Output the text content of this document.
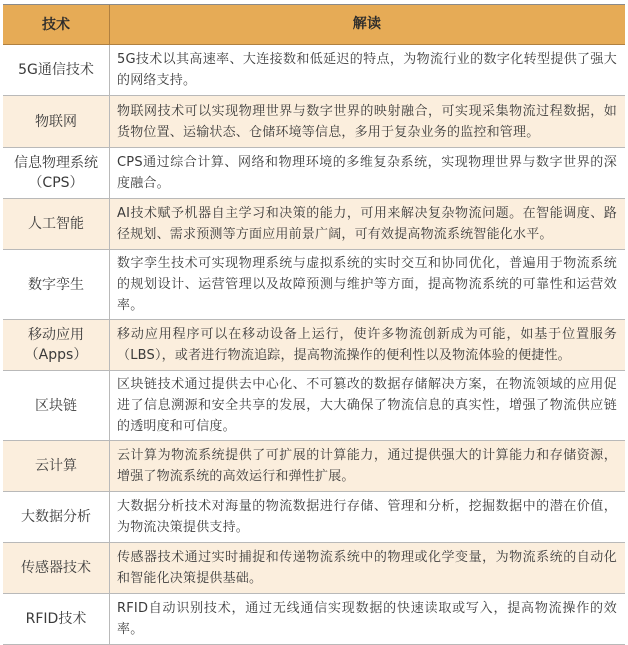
技术	解读
5G通信技术
5G技术以其高速率、大连接数和低延迟的特点，为物流行业的数字化转型提供了强大的网络支持。
物联网
物联网技术可以实现物理世界与数字世界的映射融合，可实现采集物流过程数据，如货物位置、运输状态、仓储环境等信息，多用于复杂业务的监控和管理。
信息物理系统（CPS）
CPS通过综合计算、网络和物理环境的多维复杂系统，实现物理世界与数字世界的深度融合。
人工智能
AI技术赋予机器自主学习和决策的能力，可用来解决复杂物流问题。在智能调度、路径规划、需求预测等方面应用前景广阔，可有效提高物流系统智能化水平。
数字孪生
数字孪生技术可实现物理系统与虚拟系统的实时交互和协同优化，普遍用于物流系统的规划设计、运营管理以及故障预测与维护等方面，提高物流系统的可靠性和运营效率。
移动应用（Apps）
移动应用程序可以在移动设备上运行，使许多物流创新成为可能，如基于位置服务（LBS），或者进行物流追踪，提高物流操作的便利性以及物流体验的便捷性。
区块链
区块链技术通过提供去中心化、不可篡改的数据存储解决方案，在物流领域的应用促进了信息溯源和安全共享的发展，大大确保了物流信息的真实性，增强了物流供应链的透明度和可信度。
云计算
云计算为物流系统提供了可扩展的计算能力，通过提供强大的计算能力和存储资源，增强了物流系统的高效运行和弹性扩展。
大数据分析
大数据分析技术对海量的物流数据进行存储、管理和分析，挖掘数据中的潜在价值，为物流决策提供支持。
传感器技术
传感器技术通过实时捕捉和传递物流系统中的物理或化学变量，为物流系统的自动化和智能化决策提供基础。
RFID技术
RFID自动识别技术，通过无线通信实现数据的快速读取或写入，提高物流操作的效率。
